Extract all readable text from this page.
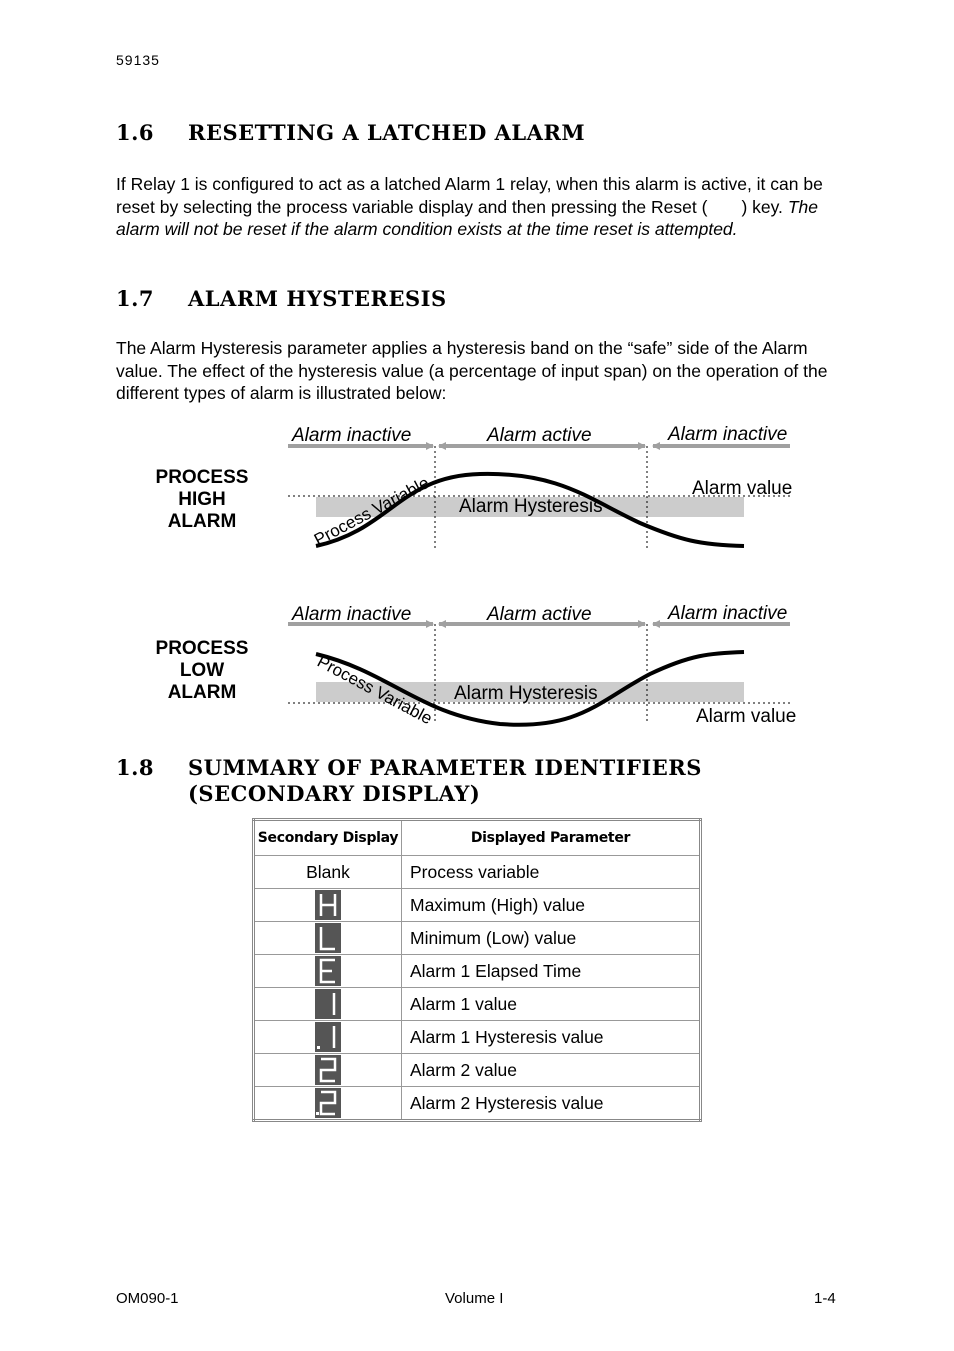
59135
1.6 RESETTING A LATCHED ALARM
If Relay 1 is configured to act as a latched Alarm 1 relay, when this alarm is active, it can be reset by selecting the process variable display and then pressing the Reset ( ) key. The alarm will not be reset if the alarm condition exists at the time reset is attempted.
1.7 ALARM HYSTERESIS
The Alarm Hysteresis parameter applies a hysteresis band on the “safe” side of the Alarm value. The effect of the hysteresis value (a percentage of input span) on the operation of the different types of alarm is illustrated below:
PROCESS
HIGH
ALARM
Alarm inactive	Alarm active	Alarm inactive
Alarm Hysteresis
Alarm value
Process Variable
PROCESS
LOW
ALARM
Alarm inactive	Alarm active	Alarm inactive
Alarm Hysteresis
Alarm value
Process Variable
1.8 SUMMARY OF PARAMETER IDENTIFIERS
(SECONDARY DISPLAY)
Secondary Display	Displayed Parameter
Blank	Process variable

	Maximum (High) value

	Minimum (Low) value

	Alarm 1 Elapsed Time

	Alarm 1 value

	Alarm 1 Hysteresis value

	Alarm 2 value

	Alarm 2 Hysteresis value
OM090-1	Volume I	1-4
